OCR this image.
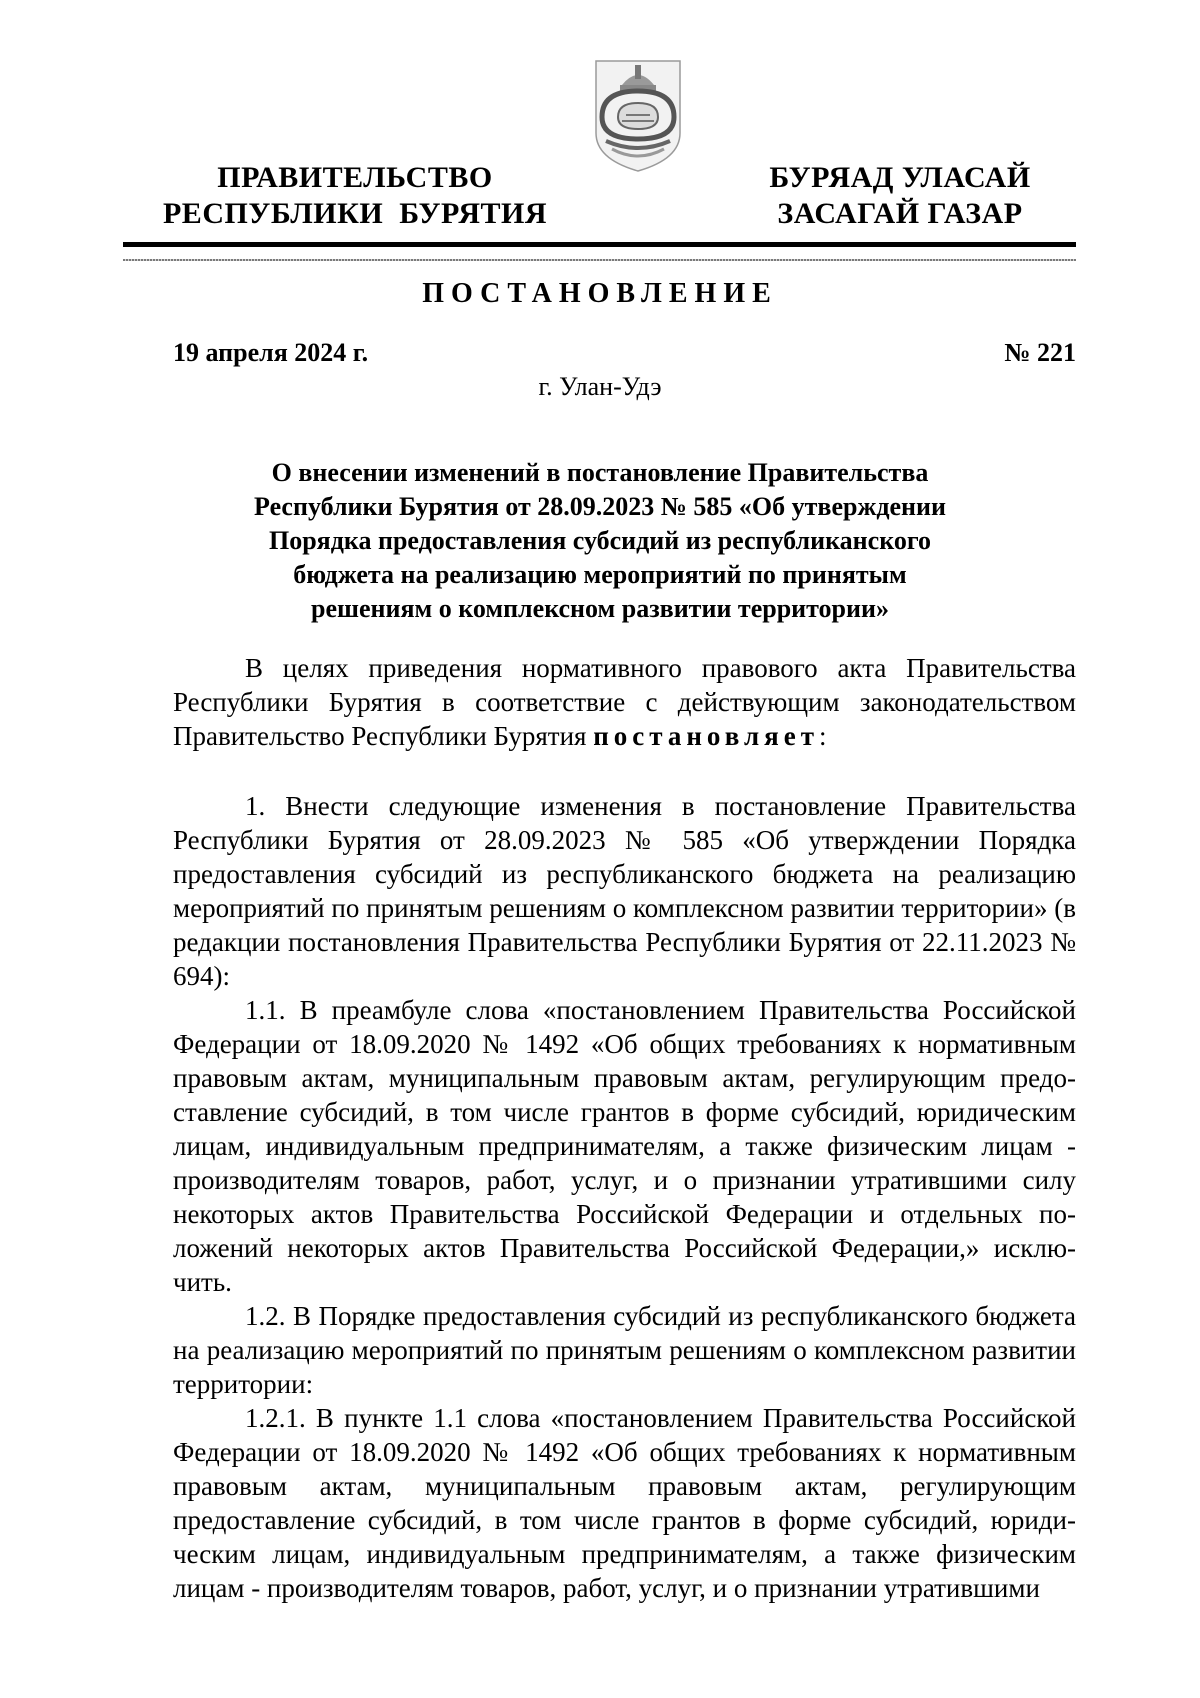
ПРАВИТЕЛЬСТВО
РЕСПУБЛИКИ  БУРЯТИЯ
БУРЯАД УЛАСАЙ
ЗАСАГАЙ ГАЗАР
ПОСТАНОВЛЕНИЕ
19 апреля 2024 г.	№ 221
г. Улан-Удэ
О внесении изменений в постановление Правительства
Республики Бурятия от 28.09.2023 № 585 «Об утверждении
Порядка предоставления субсидий из республиканского
бюджета на реализацию мероприятий по принятым
решениям о комплексном развитии территории»

В целях приведения нормативного правового акта Правительства Республики Бурятия в соответствие с действующим законодательством Правительство Республики Бурятия постановляет:

1. Внести следующие изменения в постановление Правительства Республики Бурятия от 28.09.2023 № 585 «Об утверждении Порядка предоставления субсидий из республиканского бюджета на реализацию мероприятий по принятым решениям о комплексном развитии территории» (в редакции постановления Правительства Республики Бурятия от 22.11.2023 № 694):

1.1. В преамбуле слова «постановлением Правительства Российской Федерации от 18.09.2020 № 1492 «Об общих требованиях к нормативным правовым актам, муниципальным правовым актам, регулирующим предоставление субсидий, в том числе грантов в форме субсидий, юридическим лицам, индивидуальным предпринимателям, а также физическим лицам - производителям товаров, работ, услуг, и о признании утратившими силу некоторых актов Правительства Российской Федерации и отдельных положений некоторых актов Правительства Российской Федерации,» исключить.

1.2. В Порядке предоставления субсидий из республиканского бюджета на реализацию мероприятий по принятым решениям о комплексном развитии территории:

1.2.1. В пункте 1.1 слова «постановлением Правительства Российской Федерации от 18.09.2020 № 1492 «Об общих требованиях к нормативным правовым актам, муниципальным правовым актам, регулирующим предоставление субсидий, в том числе грантов в форме субсидий, юридическим лицам, индивидуальным предпринимателям, а также физическим лицам - производителям товаров, работ, услуг, и о признании утратившими
